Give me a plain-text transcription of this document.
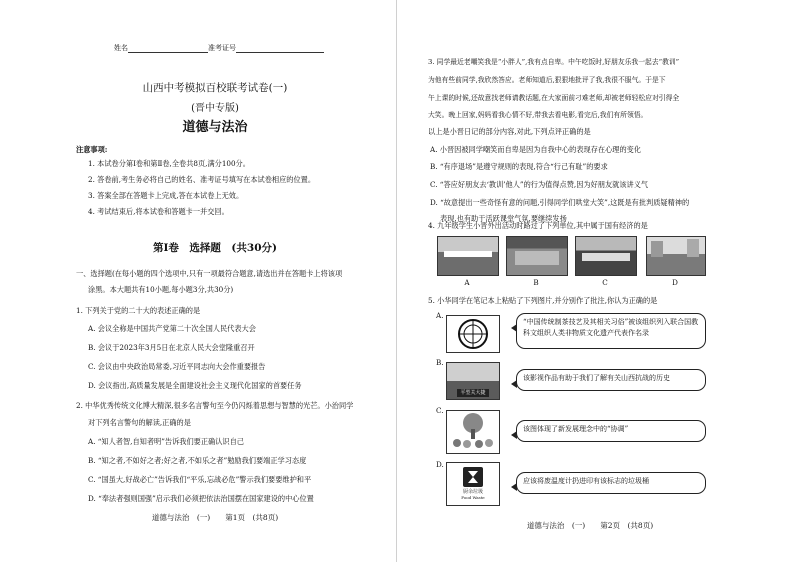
姓名	准考证号
山西中考模拟百校联考试卷(一)
(晋中专版)
道德与法治
注意事项:
1. 本试卷分第Ⅰ卷和第Ⅱ卷,全卷共8页,满分100分。
2. 答卷前,考生务必将自己的姓名、准考证号填写在本试卷相应的位置。
3. 答案全部在答题卡上完成,答在本试卷上无效。
4. 考试结束后,将本试卷和答题卡一并交回。
第Ⅰ卷　选择题　(共30分)
一、选择题(在每小题的四个选项中,只有一项最符合题意,请选出并在答题卡上将该项
涂黑。本大题共有10小题,每小题3分,共30分)
1. 下列关于党的二十大的表述正确的是
A. 会议全称是中国共产党第二十次全国人民代表大会
B. 会议于2023年3月5日在北京人民大会堂隆重召开
C. 会议由中央政治局常委,习近平同志向大会作重要报告
D. 会议指出,高质量发展是全面建设社会主义现代化国家的首要任务
2. 中华优秀传统文化博大精深,很多名言警句至今仍闪烁着思想与智慧的光芒。小治同学
对下列名言警句的解读,正确的是
A. “知人者智,自知者明”告诉我们要正确认识自己
B. “知之者,不如好之者;好之者,不如乐之者”勉励我们要端正学习态度
C. “国虽大,好战必亡”告诉我们“平乐,忘战必危”警示我们要要维护和平
D. “奉法者强则国强”启示我们必须把依法治国摆在国家建设的中心位置
道德与法治　(一)　　第1页　(共8页)
3. 同学最近老嘲笑我是“小胖人”,我有点自卑。中午吃饭时,好朋友乐我一起去“教训”
为他有些前同学,我欣然答应。老师知道后,狠狠地批评了我,我很不服气。于是下
午上课的时候,还故意找老师请教话题,在大家面前刁难老师,却被老师轻松应对引得全
大笑。晚上回家,妈妈看我心情不好,带我去看电影,看完后,我们有所领悟。
以上是小晋日记的部分内容,对此,下列点评正确的是
A. 小晋因被同学嘲笑而自卑是因为自我中心的表现存在心理的变化
B. “有序退场”是遵守规则的表现,符合“行己有耻”的要求
C. “答应好朋友去‘教训’他人”的行为值得点赞,因为好朋友就该讲义气
D. “故意提出一些奇怪有意的问题,引得同学们哄堂大笑”,这既是有批判质疑精神的
表现,也有助于活跃课堂气氛,要继续发扬
4. 九年级学生小晋外出活动时路过了下列单位,其中属于国有经济的是
A	B	C	D
5. 小华同学在笔记本上粘贴了下列图片,并分别作了批注,你认为正确的是
A.
“中国传统制茶技艺及其相关习俗”被该组织列入联合国教科文组织人类非物质文化遗产代表作名录
B.
平型关大捷
该影视作品有助于我们了解有关山西抗战的历史
C.
该图体现了新发展理念中的“协调”
D.
厨余垃圾
Food Waste
应该将废温度计扔进印有该标志的垃圾桶
道德与法治　(一)　　第2页　(共8页)
